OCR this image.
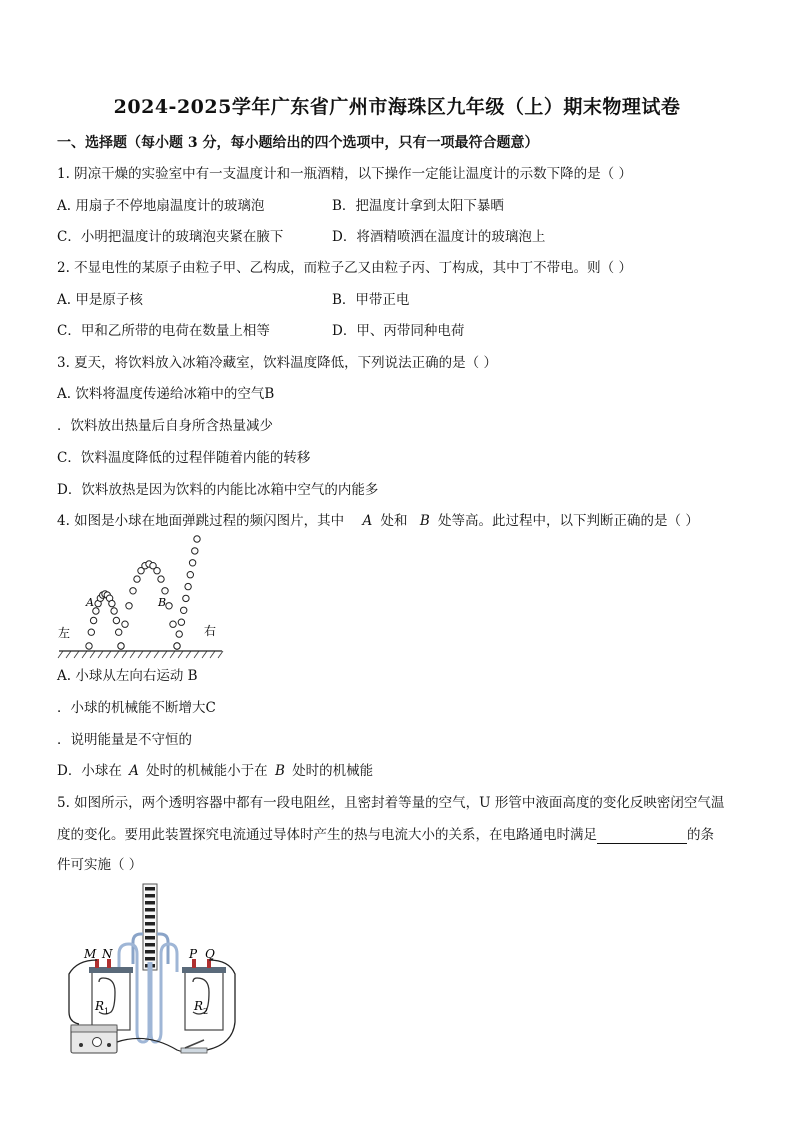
2024-2025学年广东省广州市海珠区九年级（上）期末物理试卷
一、选择题（每小题 3 分，每小题给出的四个选项中，只有一项最符合题意）
1. 阴凉干燥的实验室中有一支温度计和一瓶酒精，以下操作一定能让温度计的示数下降的是（ ）
A. 用扇子不停地扇温度计的玻璃泡	B．把温度计拿到太阳下暴晒
C．小明把温度计的玻璃泡夹紧在腋下	D．将酒精喷洒在温度计的玻璃泡上
2. 不显电性的某原子由粒子甲、乙构成，而粒子乙又由粒子丙、丁构成，其中丁不带电。则（ ）
A. 甲是原子核	B．甲带正电
C．甲和乙所带的电荷在数量上相等	D．甲、丙带同种电荷
3. 夏天，将饮料放入冰箱冷藏室，饮料温度降低，下列说法正确的是（ ）
A. 饮料将温度传递给冰箱中的空气B
．饮料放出热量后自身所含热量减少
C．饮料温度降低的过程伴随着内能的转移
D．饮料放热是因为饮料的内能比冰箱中空气的内能多
4. 如图是小球在地面弹跳过程的频闪图片，其中 A 处和 B 处等高。此过程中，以下判断正确的是（ ）
左	右
A	B
A. 小球从左向右运动 B
．小球的机械能不断增大C
．说明能量是不守恒的
D．小球在 A 处时的机械能小于在 B 处时的机械能
5. 如图所示，两个透明容器中都有一段电阻丝，且密封着等量的空气，U 形管中液面高度的变化反映密闭空气温
度的变化。要用此装置探究电流通过导体时产生的热与电流大小的关系，在电路通电时满足	的条
件可实施（ ）
M N	P Q
R 1	R 2
